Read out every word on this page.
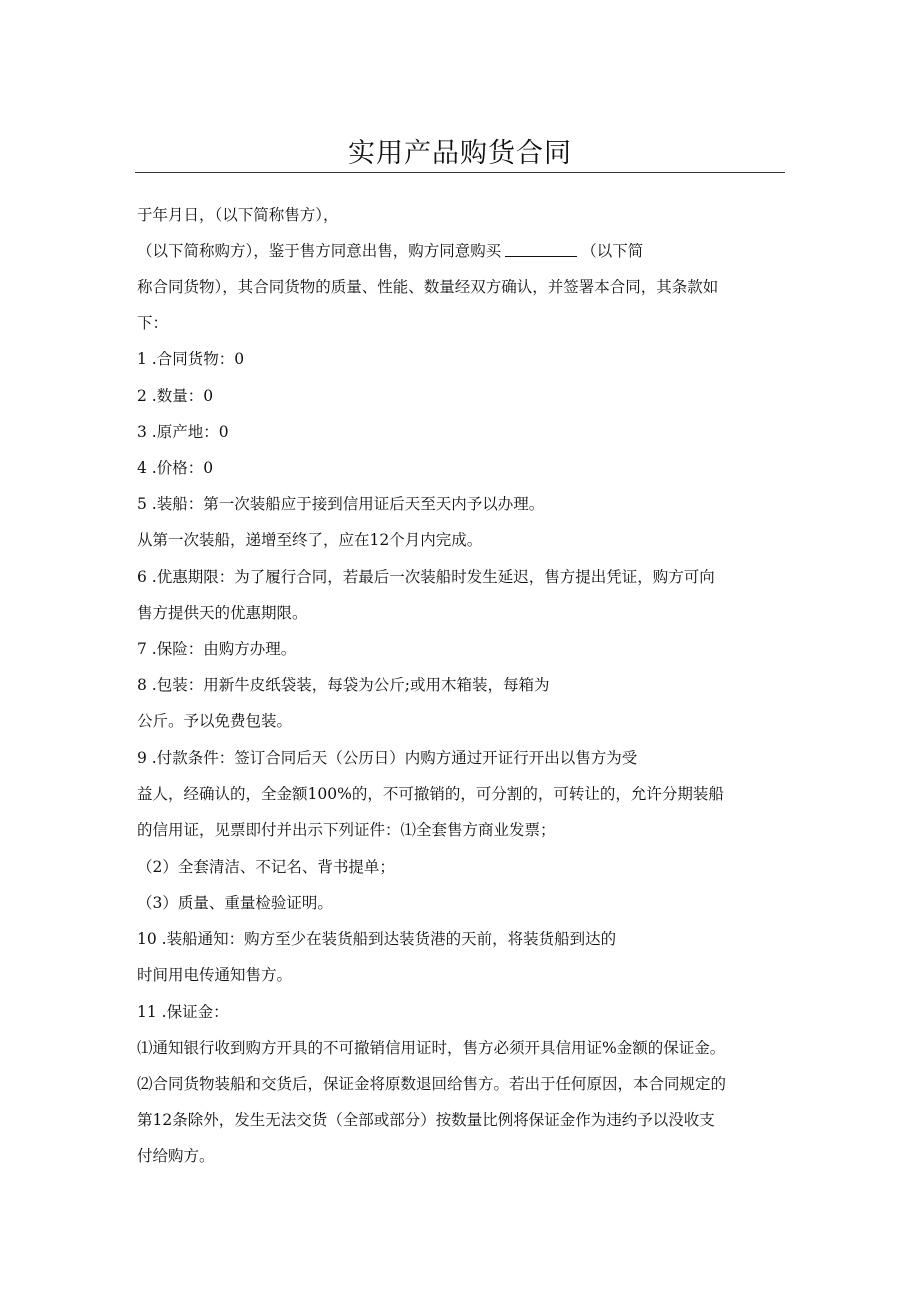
实用产品购货合同

于年月日，（以下简称售方），

（以下简称购方），鉴于售方同意出售，购方同意购买	（以下简

称合同货物），其合同货物的质量、性能、数量经双方确认，并签署本合同，其条款如

下：

1 .合同货物：0

2 .数量：0

3 .原产地：0

4 .价格：0

5 .装船：第一次装船应于接到信用证后天至天内予以办理。

从第一次装船，递增至终了，应在12个月内完成。

6 .优惠期限：为了履行合同，若最后一次装船时发生延迟，售方提出凭证，购方可向

售方提供天的优惠期限。

7 .保险：由购方办理。

8 .包装：用新牛皮纸袋装，每袋为公斤;或用木箱装，每箱为

公斤。予以免费包装。

9 .付款条件：签订合同后天（公历日）内购方通过开证行开出以售方为受

益人，经确认的，全金额100%的，不可撤销的，可分割的，可转让的，允许分期装船

的信用证，见票即付并出示下列证件：⑴全套售方商业发票；

（2）全套清洁、不记名、背书提单；

（3）质量、重量检验证明。

10 .装船通知：购方至少在装货船到达装货港的天前，将装货船到达的

时间用电传通知售方。

11 .保证金：

⑴通知银行收到购方开具的不可撤销信用证时，售方必须开具信用证%金额的保证金。

⑵合同货物装船和交货后，保证金将原数退回给售方。若出于任何原因，本合同规定的

第12条除外，发生无法交货（全部或部分）按数量比例将保证金作为违约予以没收支

付给购方。
